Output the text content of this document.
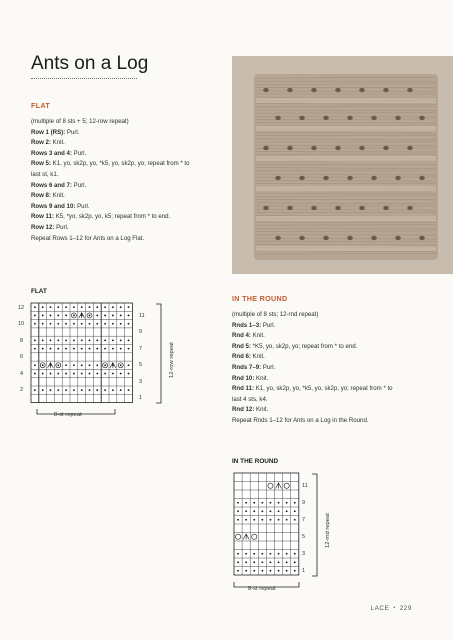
Ants on a Log
FLAT
(multiple of 8 sts + 5; 12-row repeat)
Row 1 (RS): Purl.
Row 2: Knit.
Rows 3 and 4: Purl.
Row 5: K1, yo, sk2p, yo, *k5, yo, sk2p, yo; repeat from * to
last st, k1.
Rows 6 and 7: Purl.
Row 8: Knit.
Rows 9 and 10: Purl.
Row 11: K5, *yo, sk2p, yo, k5; repeat from * to end.
Row 12: Purl.
Repeat Rows 1–12 for Ants on a Log Flat.
FLAT
12
10
8
6
4
2
11
9
7
5
3
1
12-row repeat
8-st repeat
IN THE ROUND
(multiple of 8 sts; 12-rnd repeat)
Rnds 1–3: Purl.
Rnd 4: Knit.
Rnd 5: *K5, yo, sk2p, yo; repeat from * to end.
Rnd 6: Knit.
Rnds 7–9: Purl.
Rnd 10: Knit.
Rnd 11: K1, yo, sk2p, yo, *k5, yo, sk2p, yo; repeat from * to
last 4 sts, k4.
Rnd 12: Knit.
Repeat Rnds 1–12 for Ants on a Log in the Round.
IN THE ROUND
11
9
7
5
3
1
12-rnd repeat
8-st repeat
LACE • 229
